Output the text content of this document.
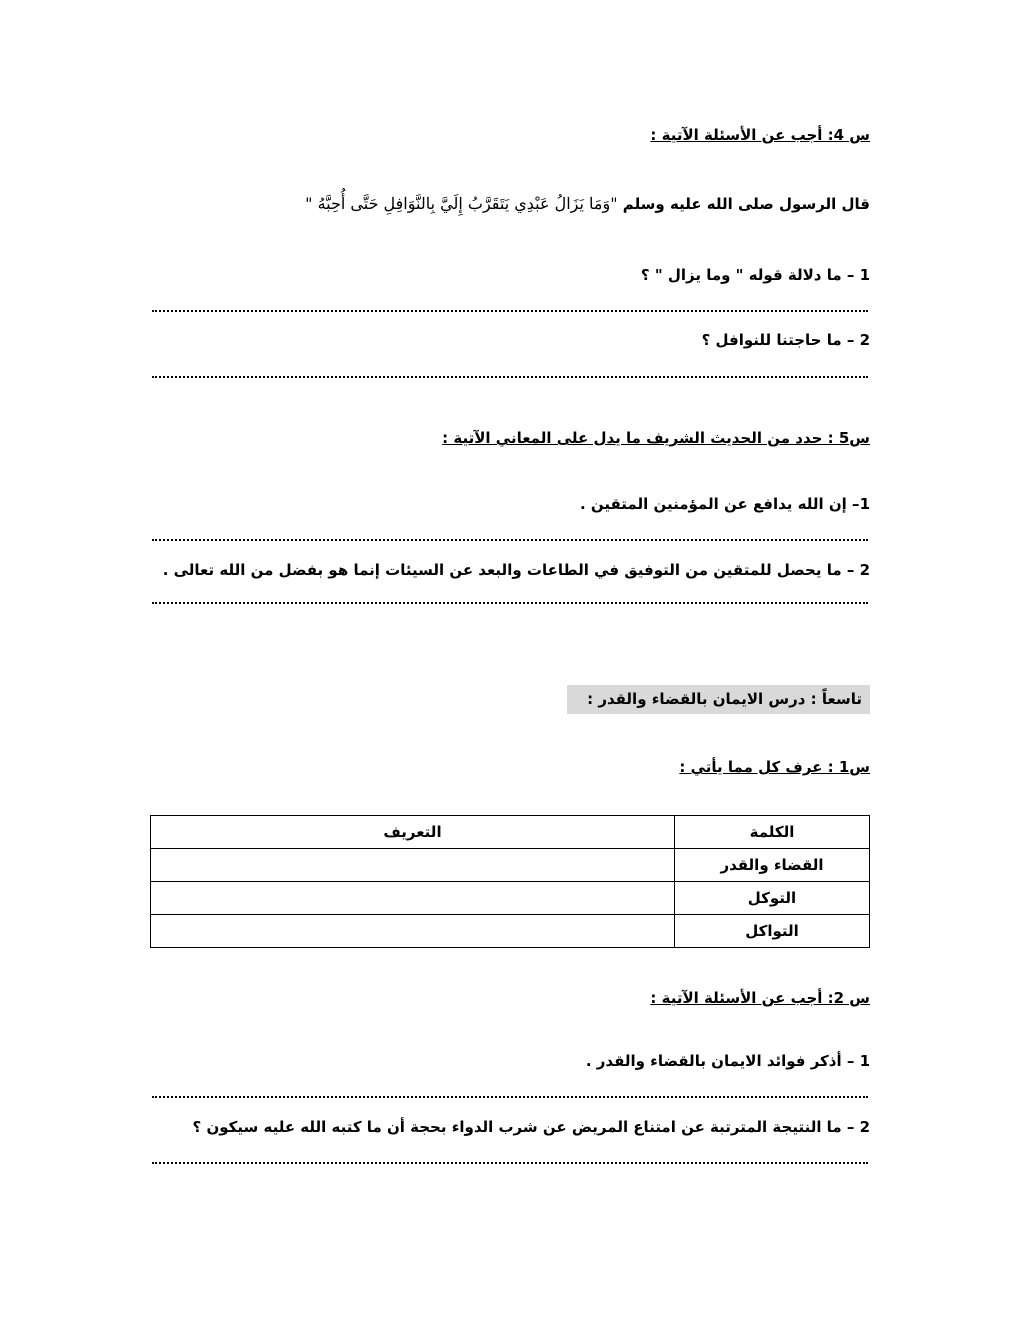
س 4: أجب عن الأسئلة الآتية :
قال الرسول صلى الله عليه وسلم "وَمَا يَزَالُ عَبْدِي يَتَقَرَّبُ إِلَيَّ بِالنَّوَافِلِ حَتَّى أُحِبَّهُ "
1 – ما دلالة قوله " وما يزال " ؟
2 – ما حاجتنا للنوافل ؟
س5 : حدد من الحديث الشريف ما يدل على المعاني الآتية :
1– إن الله يدافع عن المؤمنين المتقين .
2 – ما يحصل للمتقين من التوفيق في الطاعات والبعد عن السيئات إنما هو بفضل من الله تعالى .
تاسعاً : درس الايمان بالقضاء والقدر :
س1 : عرف كل مما يأتي :
الكلمة	التعريف
القضاء والقدر	
التوكل	
التواكل	
س 2: أجب عن الأسئلة الآتية :
1 – أذكر فوائد الايمان بالقضاء والقدر .
2 – ما النتيجة المترتبة عن امتناع المريض عن شرب الدواء بحجة أن ما كتبه الله عليه سيكون ؟
